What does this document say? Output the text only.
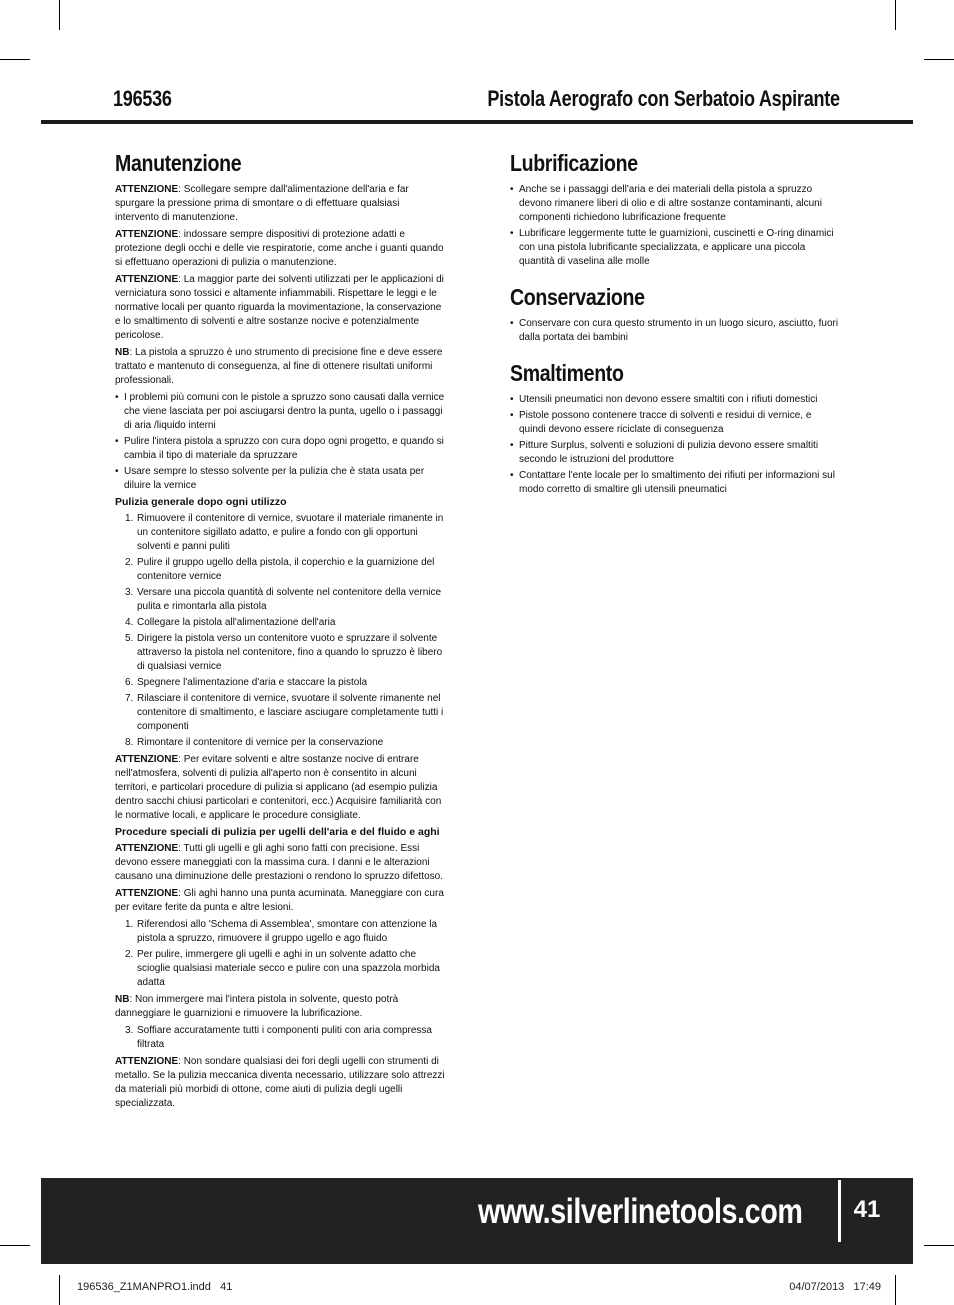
196536	Pistola Aerografo con Serbatoio Aspirante
Manutenzione

ATTENZIONE: Scollegare sempre dall'alimentazione dell'aria e far spurgare la pressione prima di smontare o di effettuare qualsiasi intervento di manutenzione.

ATTENZIONE: indossare sempre dispositivi di protezione adatti e protezione degli occhi e delle vie respiratorie, come anche i guanti quando si effettuano operazioni di pulizia o manutenzione.

ATTENZIONE: La maggior parte dei solventi utilizzati per le applicazioni di verniciatura sono tossici e altamente infiammabili. Rispettare le leggi e le normative locali per quanto riguarda la movimentazione, la conservazione e lo smaltimento di solventi e altre sostanze nocive e potenzialmente pericolose.

NB: La pistola a spruzzo è uno strumento di precisione fine e deve essere trattato e mantenuto di conseguenza, al fine di ottenere risultati uniformi professionali.

• I problemi più comuni con le pistole a spruzzo sono causati dalla vernice che viene lasciata per poi asciugarsi dentro la punta, ugello o i passaggi di aria /liquido interni
• Pulire l'intera pistola a spruzzo con cura dopo ogni progetto, e quando si cambia il tipo di materiale da spruzzare
• Usare sempre lo stesso solvente per la pulizia che è stata usata per diluire la vernice
Pulizia generale dopo ogni utilizzo
1. Rimuovere il contenitore di vernice, svuotare il materiale rimanente in un contenitore sigillato adatto, e pulire a fondo con gli opportuni solventi e panni puliti
2. Pulire il gruppo ugello della pistola, il coperchio e la guarnizione del contenitore vernice
3. Versare una piccola quantità di solvente nel contenitore della vernice pulita e rimontarla alla pistola
4. Collegare la pistola all'alimentazione dell'aria
5. Dirigere la pistola verso un contenitore vuoto e spruzzare il solvente attraverso la pistola nel contenitore, fino a quando lo spruzzo è libero di qualsiasi vernice
6. Spegnere l'alimentazione d'aria e staccare la pistola
7. Rilasciare il contenitore di vernice, svuotare il solvente rimanente nel contenitore di smaltimento, e lasciare asciugare completamente tutti i componenti
8. Rimontare il contenitore di vernice per la conservazione

ATTENZIONE: Per evitare solventi e altre sostanze nocive di entrare nell'atmosfera, solventi di pulizia all'aperto non è consentito in alcuni territori, e particolari procedure di pulizia si applicano (ad esempio pulizia dentro sacchi chiusi particolari e contenitori, ecc.) Acquisire familiarità con le normative locali, e applicare le procedure consigliate.

Procedure speciali di pulizia per ugelli dell'aria e del fluido e aghi

ATTENZIONE: Tutti gli ugelli e gli aghi sono fatti con precisione. Essi devono essere maneggiati con la massima cura. I danni e le alterazioni causano una diminuzione delle prestazioni o rendono lo spruzzo difettoso.

ATTENZIONE: Gli aghi hanno una punta acuminata. Maneggiare con cura per evitare ferite da punta e altre lesioni.

1. Riferendosi allo 'Schema di Assemblea', smontare con attenzione la pistola a spruzzo, rimuovere il gruppo ugello e ago fluido
2. Per pulire, immergere gli ugelli e aghi in un solvente adatto che scioglie qualsiasi materiale secco e pulire con una spazzola morbida adatta

NB: Non immergere mai l'intera pistola in solvente, questo potrà danneggiare le guarnizioni e rimuovere la lubrificazione.

3. Soffiare accuratamente tutti i componenti puliti con aria compressa filtrata

ATTENZIONE: Non sondare qualsiasi dei fori degli ugelli con strumenti di metallo. Se la pulizia meccanica diventa necessario, utilizzare solo attrezzi da materiali più morbidi di ottone, come aiuti di pulizia degli ugelli specializzata.

Lubrificazione
• Anche se i passaggi dell'aria e dei materiali della pistola a spruzzo devono rimanere liberi di olio e di altre sostanze contaminanti, alcuni componenti richiedono lubrificazione frequente
• Lubrificare leggermente tutte le guarnizioni, cuscinetti e O-ring dinamici con una pistola lubrificante specializzata, e applicare una piccola quantità di vaselina alle molle
Conservazione
• Conservare con cura questo strumento in un luogo sicuro, asciutto, fuori dalla portata dei bambini
Smaltimento
• Utensili pneumatici non devono essere smaltiti con i rifiuti domestici
• Pistole possono contenere tracce di solventi e residui di vernice, e quindi devono essere riciclate di conseguenza
• Pitture Surplus, solventi e soluzioni di pulizia devono essere smaltiti secondo le istruzioni del produttore
• Contattare l'ente locale per lo smaltimento dei rifiuti per informazioni sul modo corretto di smaltire gli utensili pneumatici
www.silverlinetools.com	41
196536_Z1MANPRO1.indd   41	04/07/2013   17:49
